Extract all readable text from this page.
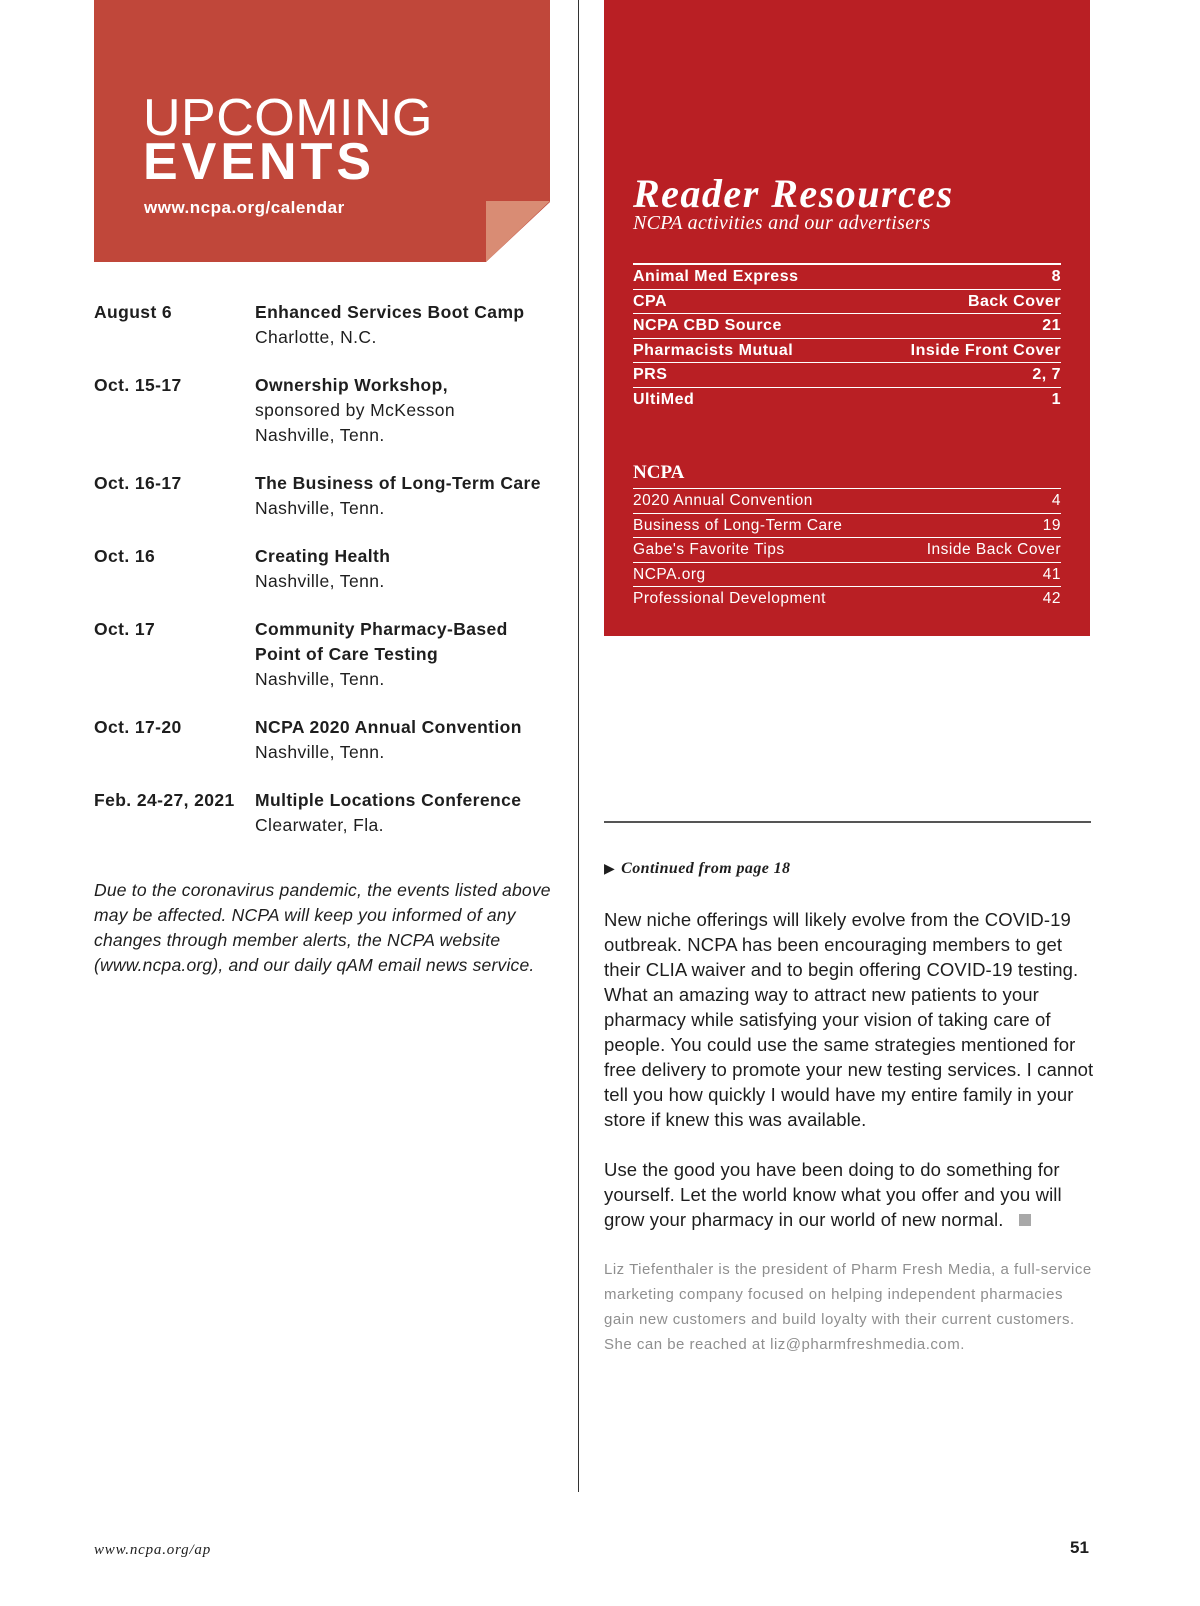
UPCOMING
EVENTS
www.ncpa.org/calendar
August 6	Enhanced Services Boot Camp
Charlotte, N.C.
Oct. 15-17	Ownership Workshop,
sponsored by McKesson
Nashville, Tenn.
Oct. 16-17	The Business of Long-Term Care
Nashville, Tenn.
Oct. 16	Creating Health
Nashville, Tenn.
Oct. 17	Community Pharmacy-Based Point of Care Testing
Nashville, Tenn.
Oct. 17-20	NCPA 2020 Annual Convention
Nashville, Tenn.
Feb. 24-27, 2021	Multiple Locations Conference
Clearwater, Fla.
Due to the coronavirus pandemic, the events listed above may be affected. NCPA will keep you informed of any changes through member alerts, the NCPA website (www.ncpa.org), and our daily qAM email news service.
Reader Resources
NCPA activities and our advertisers
Animal Med Express	8
CPA	Back Cover
NCPA CBD Source	21
Pharmacists Mutual	Inside Front Cover
PRS	2, 7
UltiMed	1
NCPA
2020 Annual Convention	4
Business of Long-Term Care	19
Gabe's Favorite Tips	Inside Back Cover
NCPA.org	41
Professional Development	42
▶ Continued from page 18
New niche offerings will likely evolve from the COVID-19 outbreak. NCPA has been encouraging members to get their CLIA waiver and to begin offering COVID-19 testing. What an amazing way to attract new patients to your pharmacy while satisfying your vision of taking care of people. You could use the same strategies mentioned for free delivery to promote your new testing services. I cannot tell you how quickly I would have my entire family in your store if knew this was available.
Use the good you have been doing to do something for yourself. Let the world know what you offer and you will grow your pharmacy in our world of new normal.
Liz Tiefenthaler is the president of Pharm Fresh Media, a full-service marketing company focused on helping independent pharmacies gain new customers and build loyalty with their current customers. She can be reached at liz@pharmfreshmedia.com.
www.ncpa.org/ap	51
